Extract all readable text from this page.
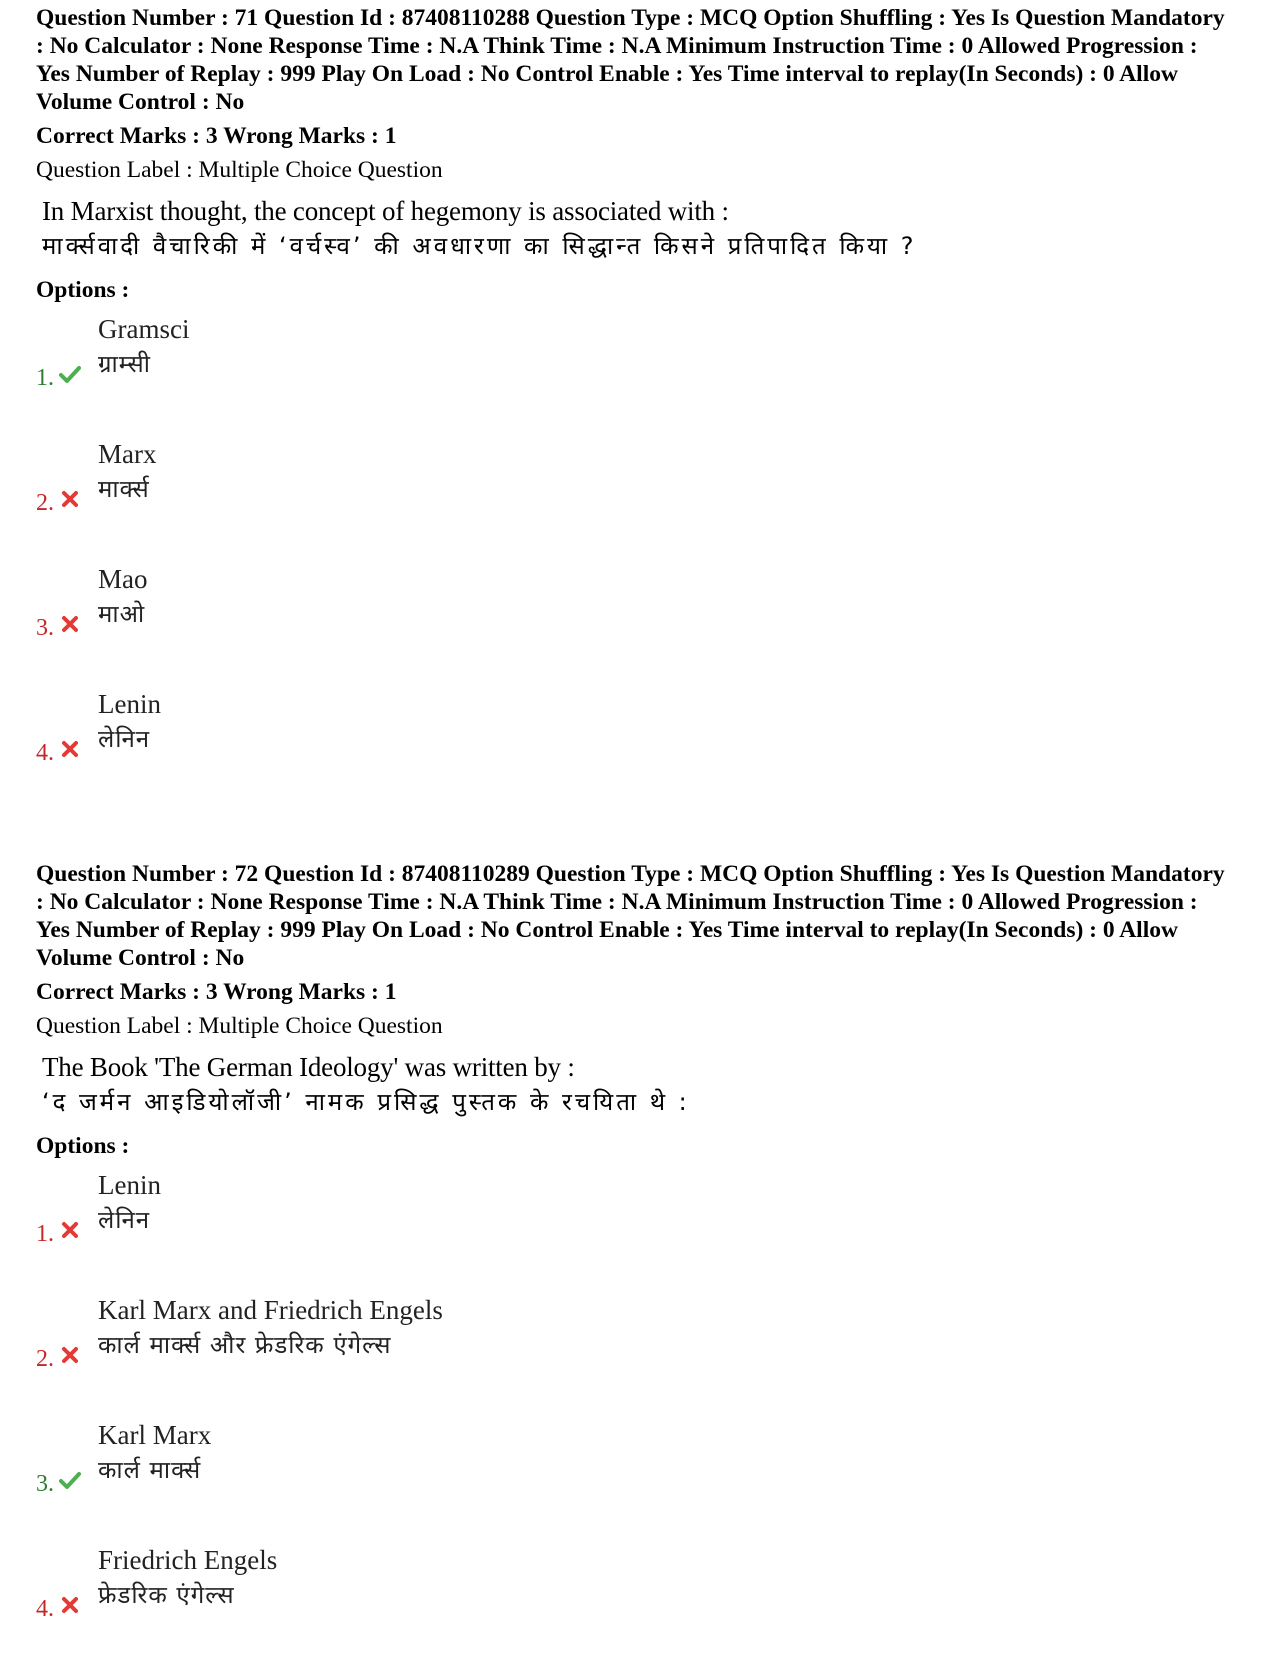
Question Number : 71 Question Id : 87408110288 Question Type : MCQ Option Shuffling : Yes Is Question Mandatory : No Calculator : None Response Time : N.A Think Time : N.A Minimum Instruction Time : 0 Allowed Progression : Yes Number of Replay : 999 Play On Load : No Control Enable : Yes Time interval to replay(In Seconds) : 0 Allow Volume Control : No

Correct Marks : 3 Wrong Marks : 1
Question Label : Multiple Choice Question
In Marxist thought, the concept of hegemony is associated with :
मार्क्सवादी वैचारिकी में ‘वर्चस्व’ की अवधारणा का सिद्धान्त किसने प्रतिपादित किया ?
Options :
1.
Gramsci
ग्राम्सी
2.
Marx
मार्क्स
3.
Mao
माओ
4.
Lenin
लेनिन

Question Number : 72 Question Id : 87408110289 Question Type : MCQ Option Shuffling : Yes Is Question Mandatory : No Calculator : None Response Time : N.A Think Time : N.A Minimum Instruction Time : 0 Allowed Progression : Yes Number of Replay : 999 Play On Load : No Control Enable : Yes Time interval to replay(In Seconds) : 0 Allow Volume Control : No

Correct Marks : 3 Wrong Marks : 1
Question Label : Multiple Choice Question
The Book 'The German Ideology' was written by :
‘द जर्मन आइडियोलॉजी’ नामक प्रसिद्ध पुस्तक के रचयिता थे :
Options :
1.
Lenin
लेनिन
2.
Karl Marx and Friedrich Engels
कार्ल मार्क्स और फ्रेडरिक एंगेल्स
3.
Karl Marx
कार्ल मार्क्स
4.
Friedrich Engels
फ्रेडरिक एंगेल्स
